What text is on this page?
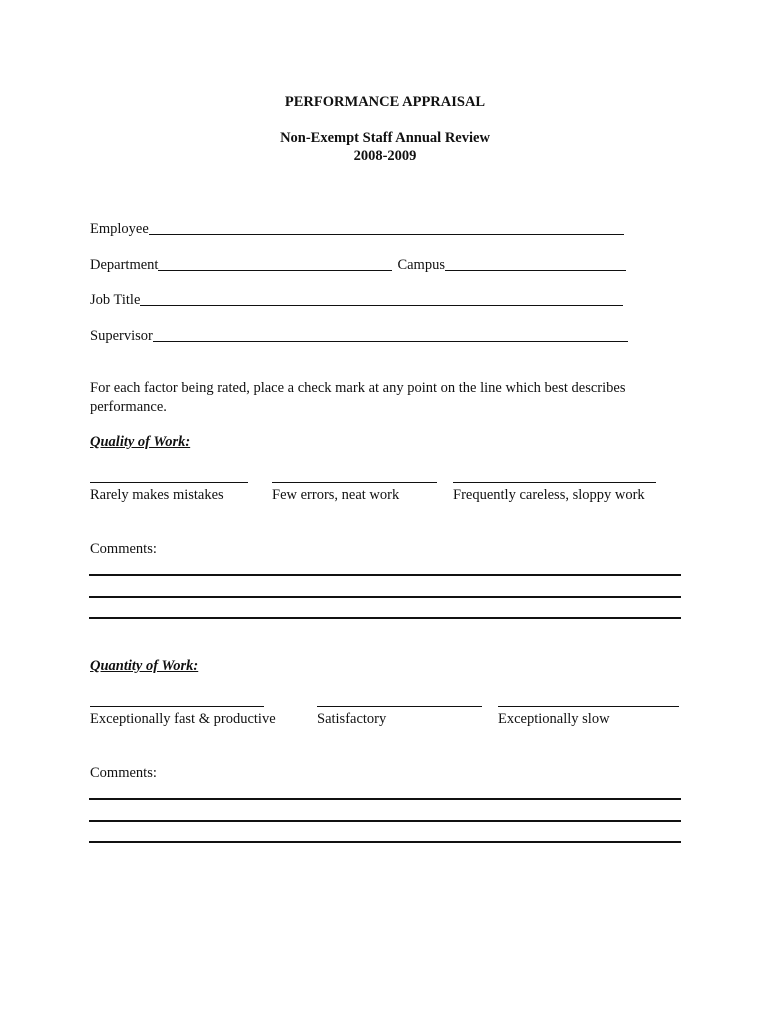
PERFORMANCE APPRAISAL
Non-Exempt Staff Annual Review
2008-2009
Employee
Department	Campus
Job Title
Supervisor
For each factor being rated, place a check mark at any point on the line which best describes performance.
Quality of Work:
Rarely makes mistakes	Few errors, neat work	Frequently careless, sloppy work
Comments:
Quantity of Work:
Exceptionally fast & productive	Satisfactory	Exceptionally slow
Comments:
